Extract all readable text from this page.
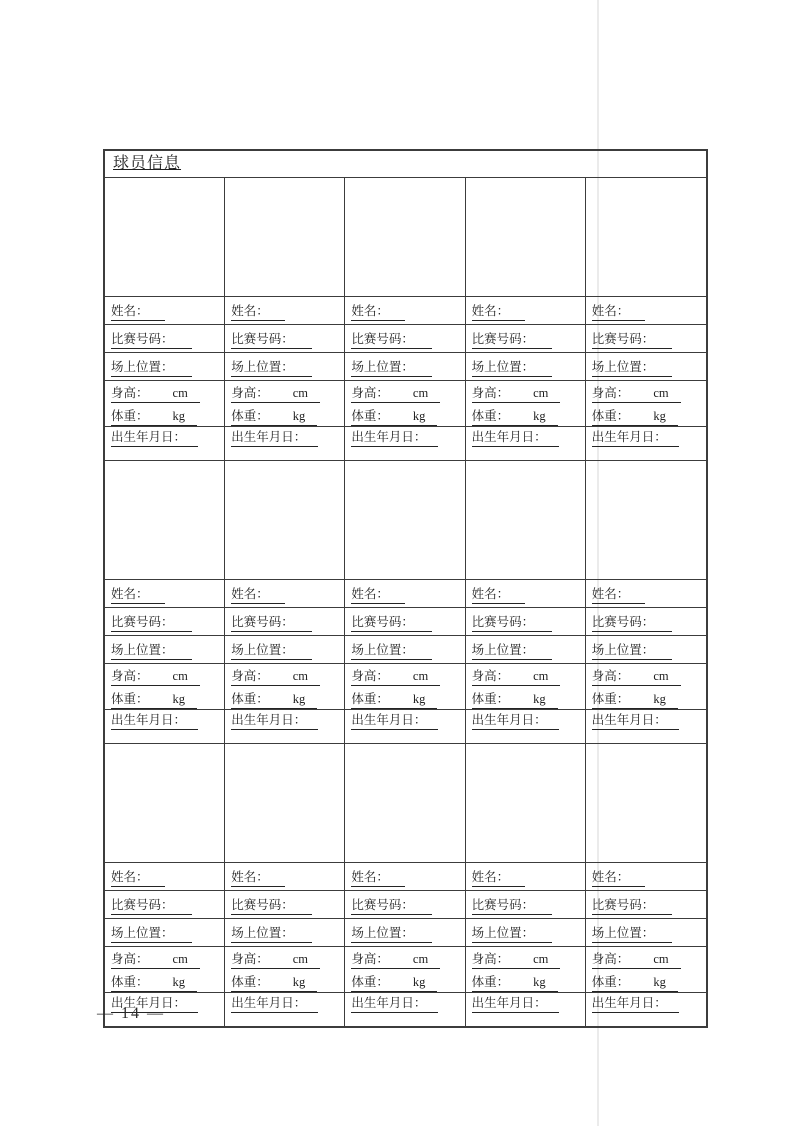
球员信息
姓名：
比赛号码：
场上位置：
身高： cm
体重： kg
出生年月日：
姓名：
比赛号码：
场上位置：
身高： cm
体重： kg
出生年月日：
姓名：
比赛号码：
场上位置：
身高： cm
体重： kg
出生年月日：
姓名：
比赛号码：
场上位置：
身高： cm
体重： kg
出生年月日：
姓名：
比赛号码：
场上位置：
身高： cm
体重： kg
出生年月日：
姓名：
比赛号码：
场上位置：
身高： cm
体重： kg
出生年月日：
姓名：
比赛号码：
场上位置：
身高： cm
体重： kg
出生年月日：
姓名：
比赛号码：
场上位置：
身高： cm
体重： kg
出生年月日：
姓名：
比赛号码：
场上位置：
身高： cm
体重： kg
出生年月日：
姓名：
比赛号码：
场上位置：
身高： cm
体重： kg
出生年月日：
姓名：
比赛号码：
场上位置：
身高： cm
体重： kg
出生年月日：
姓名：
比赛号码：
场上位置：
身高： cm
体重： kg
出生年月日：
姓名：
比赛号码：
场上位置：
身高： cm
体重： kg
出生年月日：
姓名：
比赛号码：
场上位置：
身高： cm
体重： kg
出生年月日：
姓名：
比赛号码：
场上位置：
身高： cm
体重： kg
出生年月日：
— 14 —
